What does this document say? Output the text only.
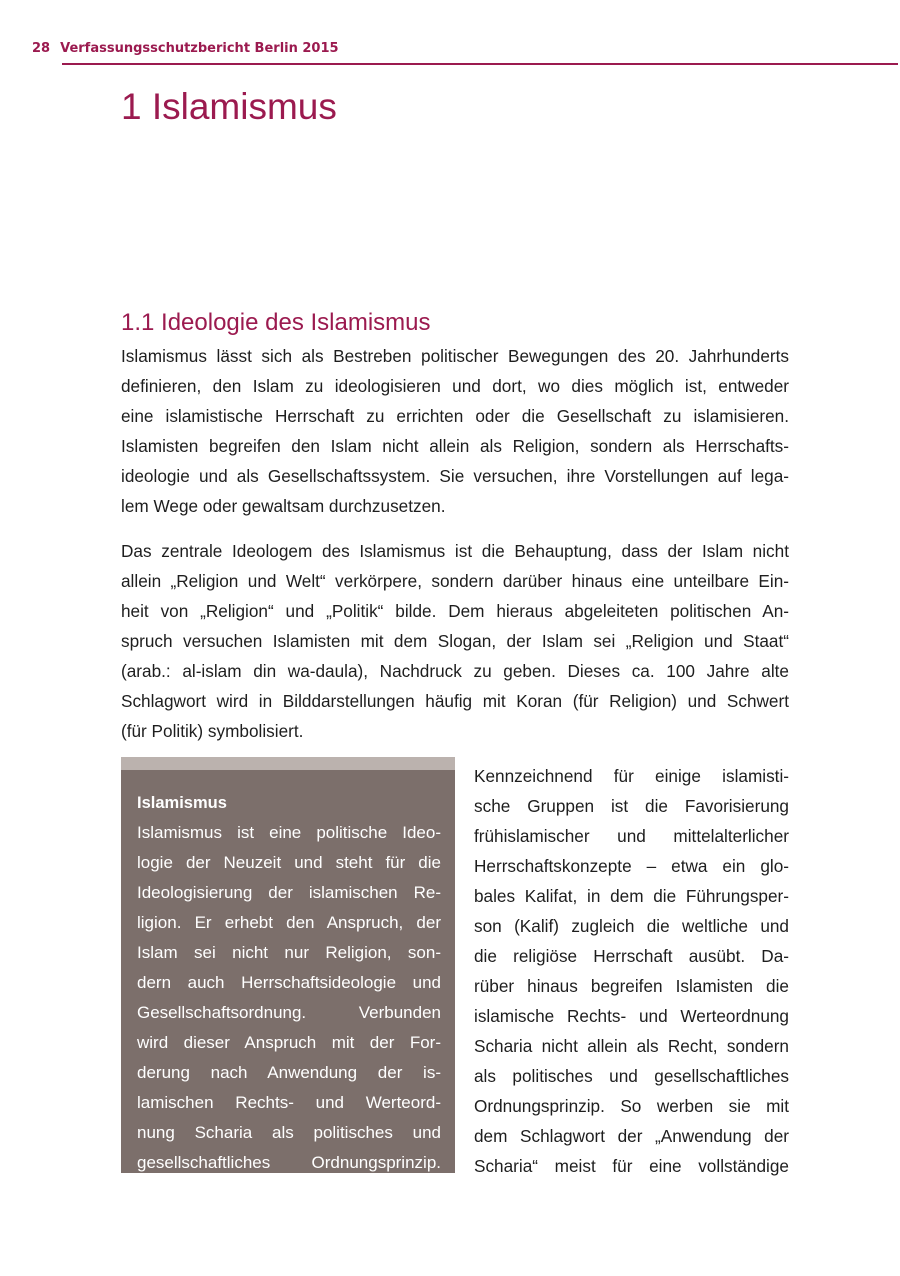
28 Verfassungsschutzbericht Berlin 2015
1 Islamismus
1.1 Ideologie des Islamismus
Islamismus lässt sich als Bestreben politischer Bewegungen des 20. Jahrhunderts
definieren, den Islam zu ideologisieren und dort, wo dies möglich ist, entweder
eine islamistische Herrschaft zu errichten oder die Gesellschaft zu islamisieren.
Islamisten begreifen den Islam nicht allein als Religion, sondern als Herrschafts-
ideologie und als Gesellschaftssystem. Sie versuchen, ihre Vorstellungen auf lega-
lem Wege oder gewaltsam durchzusetzen.
Das zentrale Ideologem des Islamismus ist die Behauptung, dass der Islam nicht
allein „Religion und Welt“ verkörpere, sondern darüber hinaus eine unteilbare Ein-
heit von „Religion“ und „Politik“ bilde. Dem hieraus abgeleiteten politischen An-
spruch versuchen Islamisten mit dem Slogan, der Islam sei „Religion und Staat“
(arab.: al-islam din wa-daula), Nachdruck zu geben. Dieses ca. 100 Jahre alte
Schlagwort wird in Bilddarstellungen häufig mit Koran (für Religion) und Schwert
(für Politik) symbolisiert.
Islamismus
Islamismus ist eine politische Ideo-
logie der Neuzeit und steht für die
Ideologisierung der islamischen Re-
ligion. Er erhebt den Anspruch, der
Islam sei nicht nur Religion, son-
dern auch Herrschaftsideologie und
Gesellschaftsordnung. Verbunden
wird dieser Anspruch mit der For-
derung nach Anwendung der is-
lamischen Rechts- und Werteord-
nung Scharia als politisches und
gesellschaftliches Ordnungsprinzip.
Kennzeichnend für einige islamisti-
sche Gruppen ist die Favorisierung
frühislamischer und mittelalterlicher
Herrschaftskonzepte – etwa ein glo-
bales Kalifat, in dem die Führungsper-
son (Kalif) zugleich die weltliche und
die religiöse Herrschaft ausübt. Da-
rüber hinaus begreifen Islamisten die
islamische Rechts- und Werteordnung
Scharia nicht allein als Recht, sondern
als politisches und gesellschaftliches
Ordnungsprinzip. So werben sie mit
dem Schlagwort der „Anwendung der
Scharia“ meist für eine vollständige
